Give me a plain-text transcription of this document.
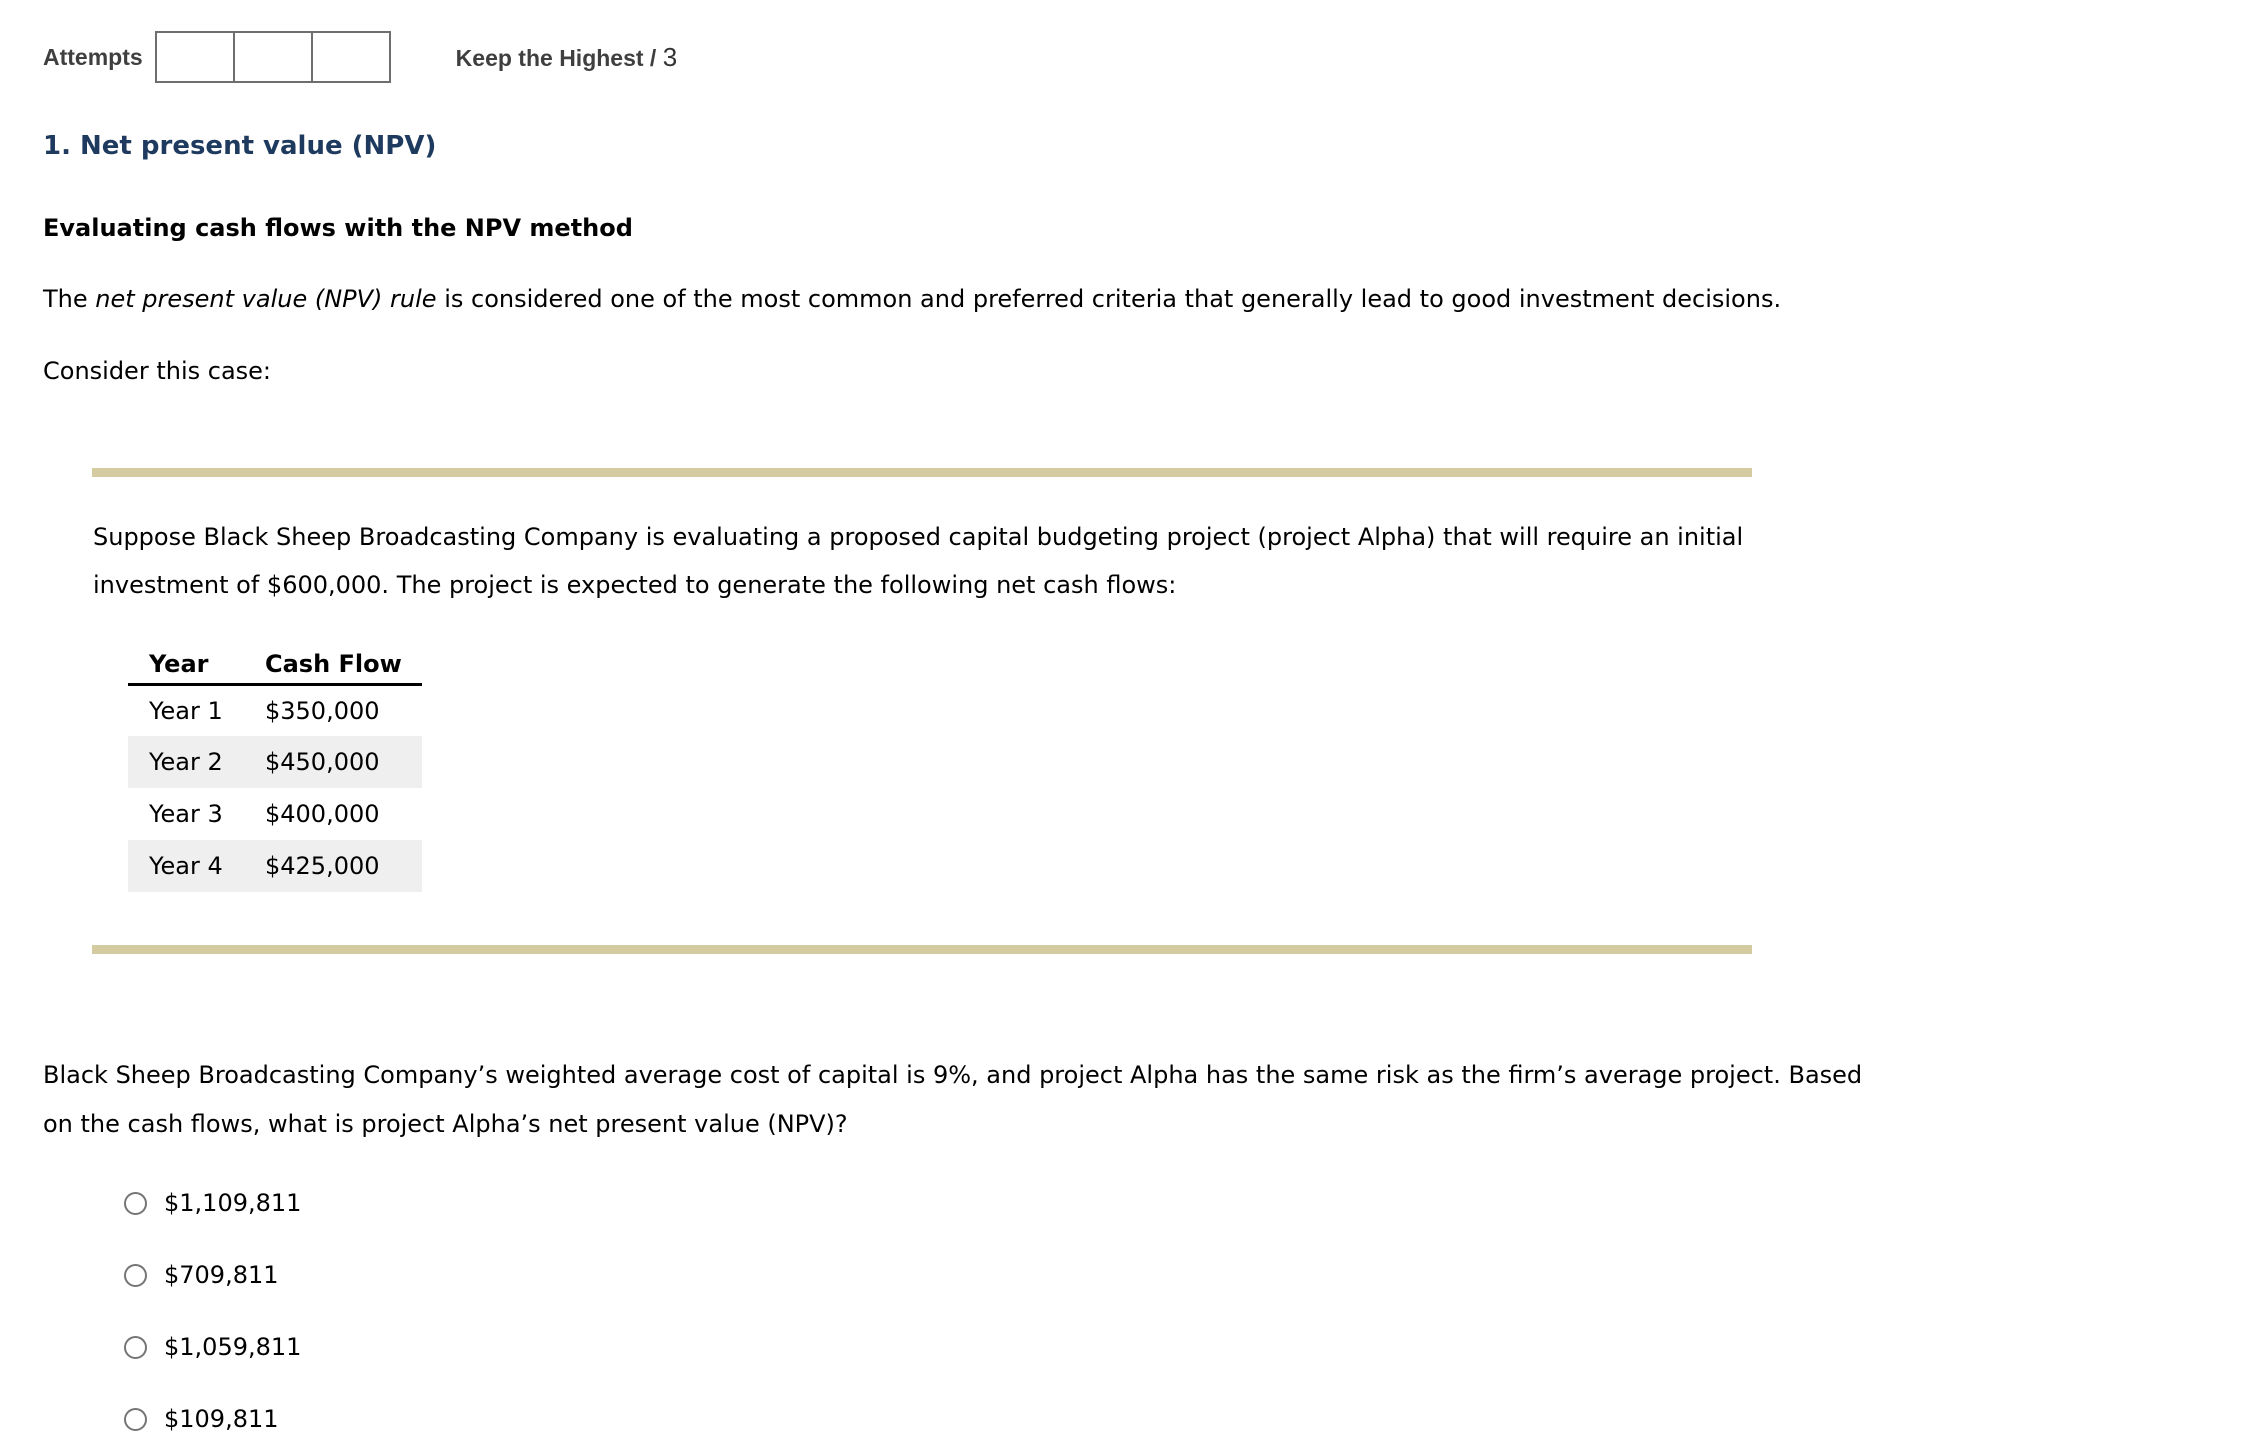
Attempts	Keep the Highest / 3
1. Net present value (NPV)
Evaluating cash flows with the NPV method
The net present value (NPV) rule is considered one of the most common and preferred criteria that generally lead to good investment decisions.
Consider this case:
Suppose Black Sheep Broadcasting Company is evaluating a proposed capital budgeting project (project Alpha) that will require an initial
investment of $600,000. The project is expected to generate the following net cash flows:
Year	Cash Flow
Year 1	$350,000
Year 2	$450,000
Year 3	$400,000
Year 4	$425,000
Black Sheep Broadcasting Company’s weighted average cost of capital is 9%, and project Alpha has the same risk as the firm’s average project. Based
on the cash flows, what is project Alpha’s net present value (NPV)?
$1,109,811
$709,811
$1,059,811
$109,811
